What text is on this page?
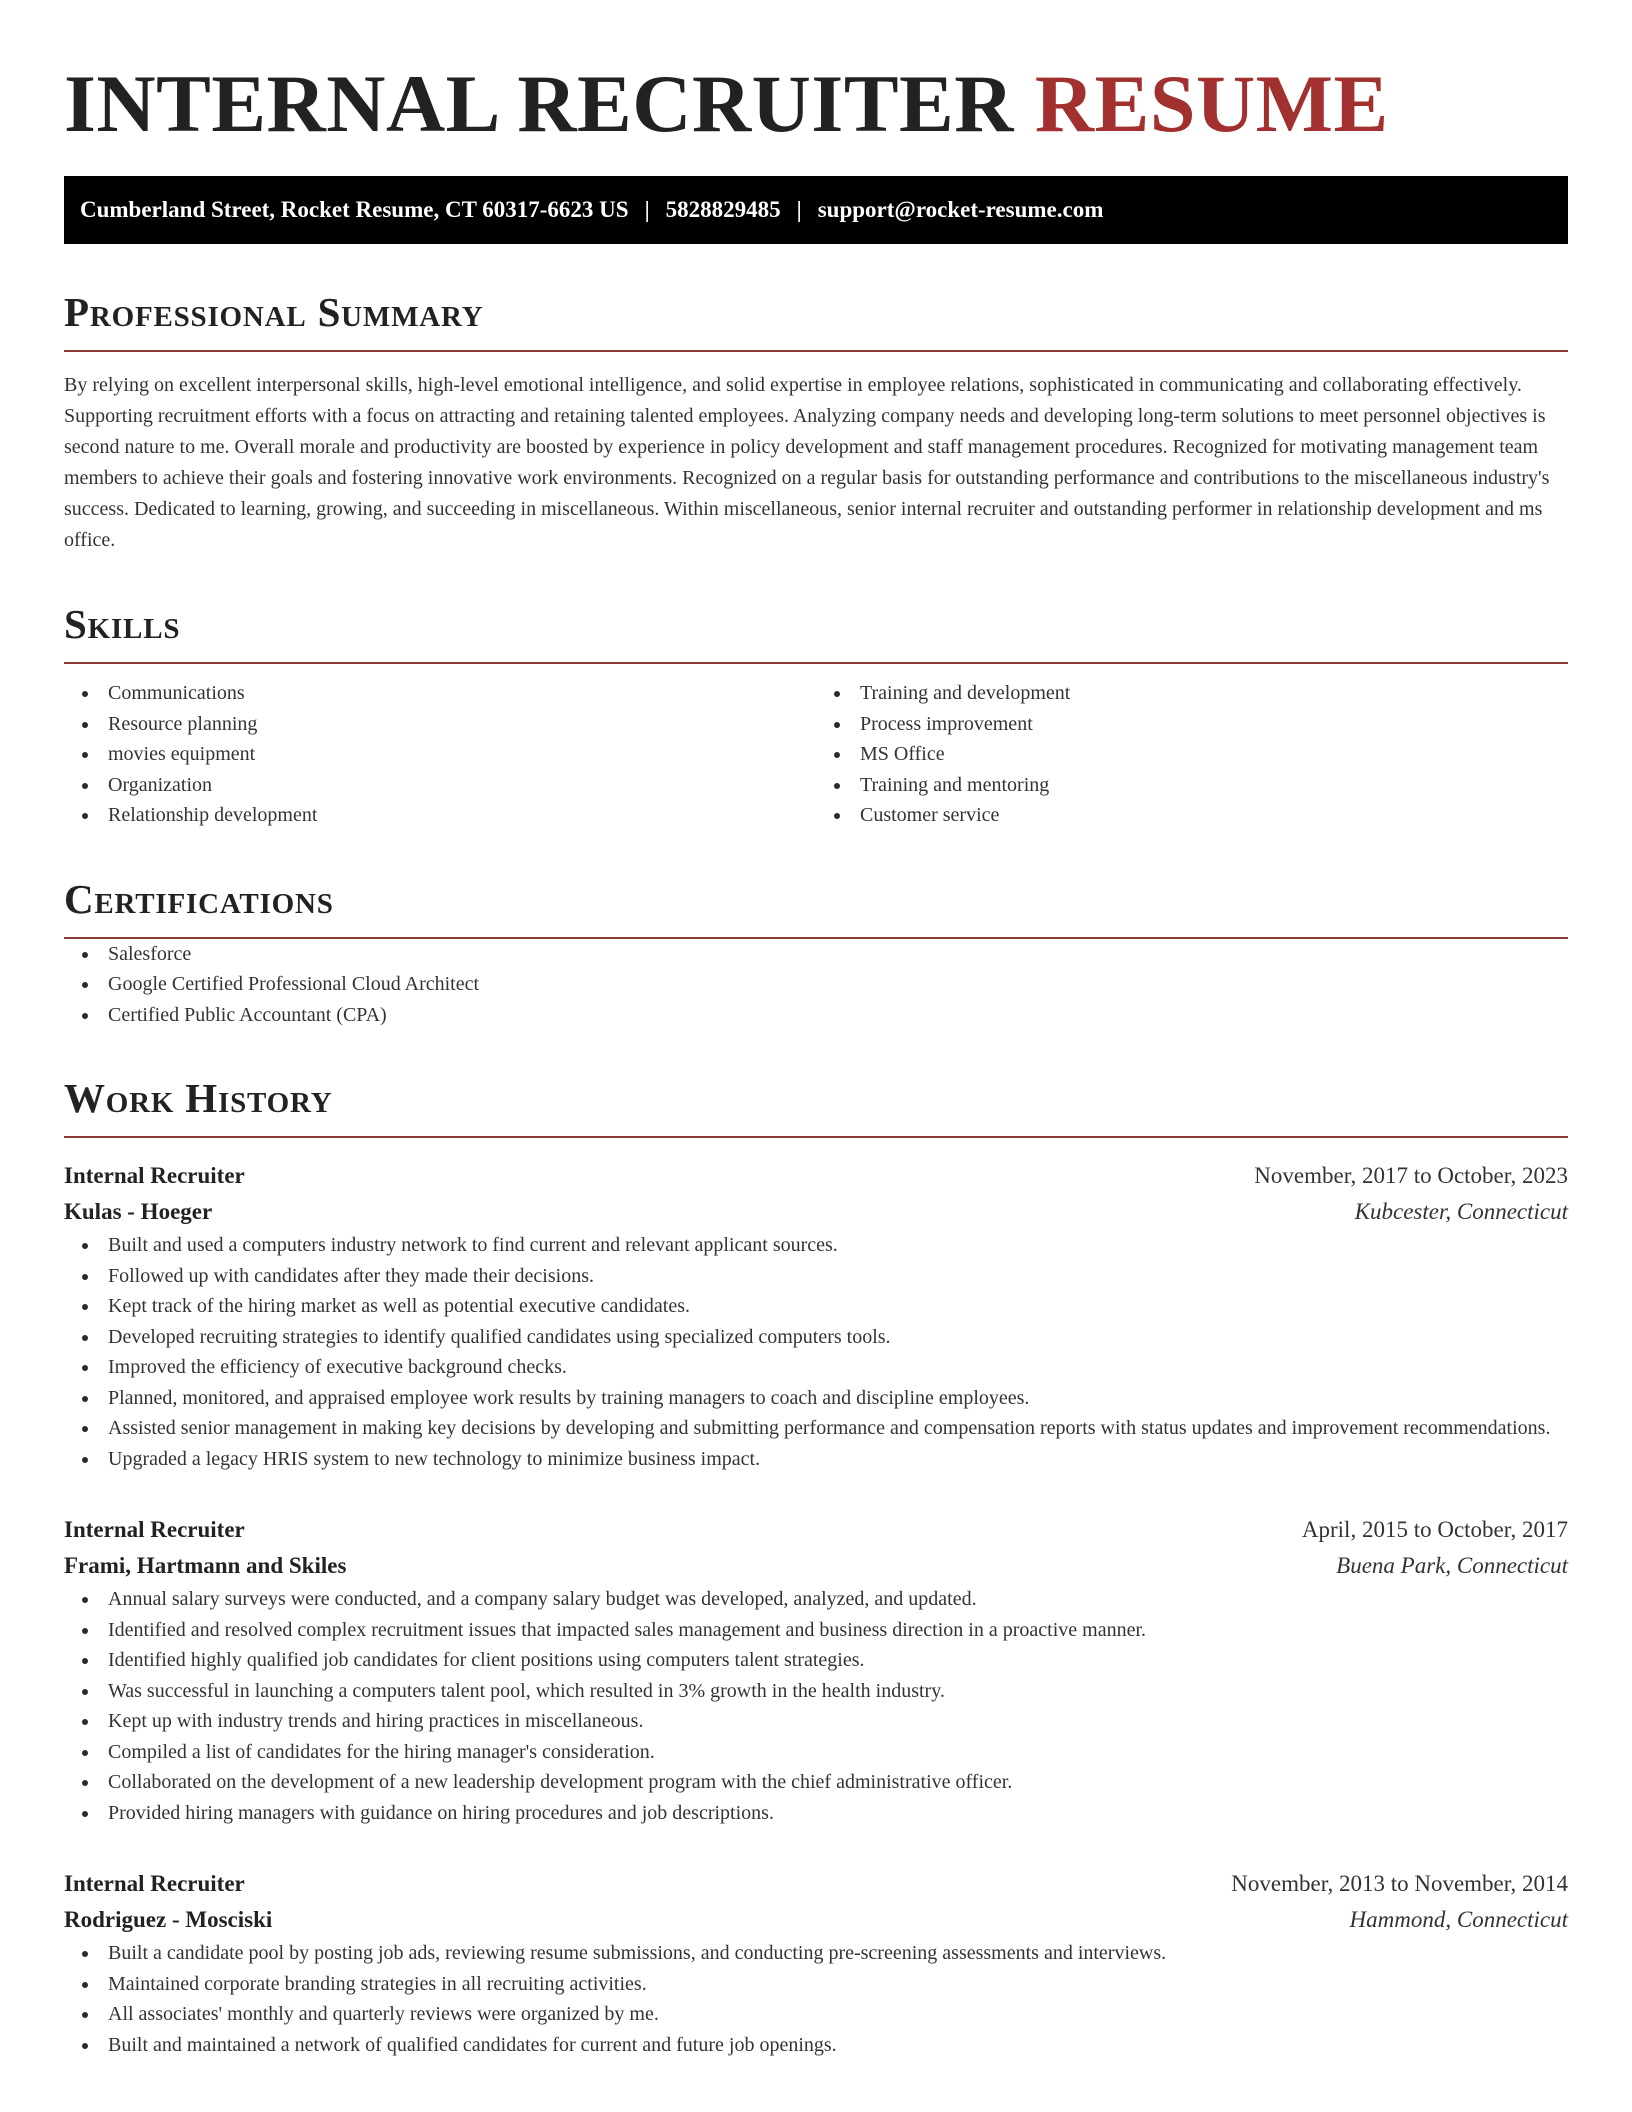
INTERNAL RECRUITER RESUME
Cumberland Street, Rocket Resume, CT 60317-6623 US | 5828829485 | support@rocket-resume.com
Professional Summary

By relying on excellent interpersonal skills, high-level emotional intelligence, and solid expertise in employee relations, sophisticated in communicating and collaborating effectively. Supporting recruitment efforts with a focus on attracting and retaining talented employees. Analyzing company needs and developing long-term solutions to meet personnel objectives is second nature to me. Overall morale and productivity are boosted by experience in policy development and staff management procedures. Recognized for motivating management team members to achieve their goals and fostering innovative work environments. Recognized on a regular basis for outstanding performance and contributions to the miscellaneous industry's success. Dedicated to learning, growing, and succeeding in miscellaneous. Within miscellaneous, senior internal recruiter and outstanding performer in relationship development and ms office.

Skills
Communications
Resource planning
movies equipment
Organization
Relationship development
Training and development
Process improvement
MS Office
Training and mentoring
Customer service
Certifications
Salesforce
Google Certified Professional Cloud Architect
Certified Public Accountant (CPA)
Work History
Internal Recruiter	November, 2017 to October, 2023
Kulas - Hoeger	Kubcester, Connecticut
Built and used a computers industry network to find current and relevant applicant sources.
Followed up with candidates after they made their decisions.
Kept track of the hiring market as well as potential executive candidates.
Developed recruiting strategies to identify qualified candidates using specialized computers tools.
Improved the efficiency of executive background checks.
Planned, monitored, and appraised employee work results by training managers to coach and discipline employees.
Assisted senior management in making key decisions by developing and submitting performance and compensation reports with status updates and improvement recommendations.
Upgraded a legacy HRIS system to new technology to minimize business impact.
Internal Recruiter	April, 2015 to October, 2017
Frami, Hartmann and Skiles	Buena Park, Connecticut
Annual salary surveys were conducted, and a company salary budget was developed, analyzed, and updated.
Identified and resolved complex recruitment issues that impacted sales management and business direction in a proactive manner.
Identified highly qualified job candidates for client positions using computers talent strategies.
Was successful in launching a computers talent pool, which resulted in 3% growth in the health industry.
Kept up with industry trends and hiring practices in miscellaneous.
Compiled a list of candidates for the hiring manager's consideration.
Collaborated on the development of a new leadership development program with the chief administrative officer.
Provided hiring managers with guidance on hiring procedures and job descriptions.
Internal Recruiter	November, 2013 to November, 2014
Rodriguez - Mosciski	Hammond, Connecticut
Built a candidate pool by posting job ads, reviewing resume submissions, and conducting pre-screening assessments and interviews.
Maintained corporate branding strategies in all recruiting activities.
All associates' monthly and quarterly reviews were organized by me.
Built and maintained a network of qualified candidates for current and future job openings.
